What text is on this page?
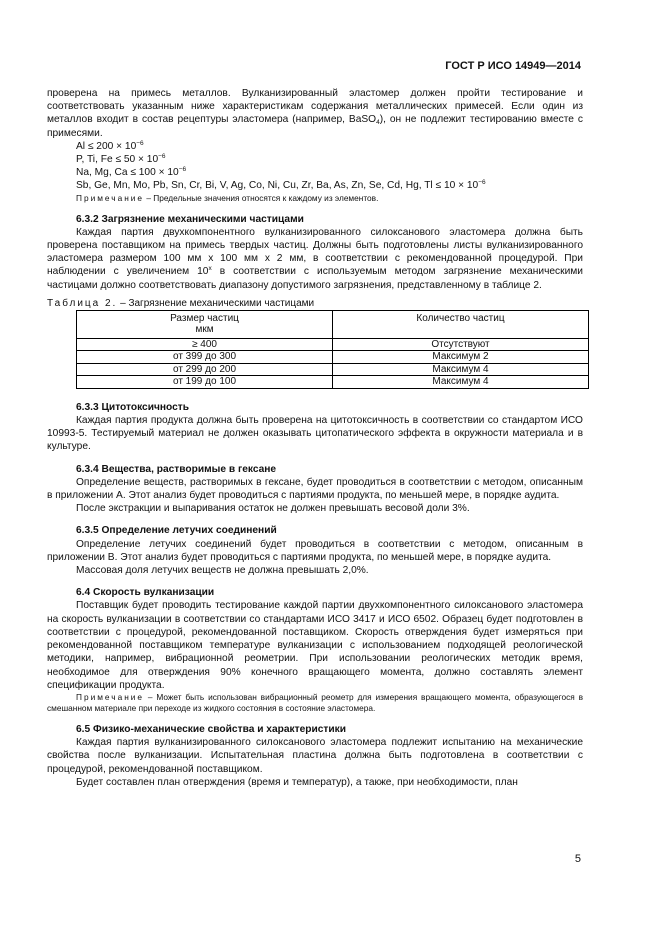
ГОСТ Р ИСО 14949—2014

проверена на примесь металлов. Вулканизированный эластомер должен пройти тестирование и соответствовать указанным ниже характеристикам содержания металлических примесей. Если один из металлов входит в состав рецептуры эластомера (например, BaSO$_4$), он не подлежит тестированию вместе с примесями.

$Al \le 200 \times 10^{-6}$

P, Ti, $Fe \le 50 \times 10^{-6}$

Na, Mg, $Ca \le 100 \times 10^{-6}$

Sb, Ge, Mn, Mo, Pb, Sn, Cr, Bi, V, Ag, Co, Ni, Cu, Zr, Ba, As, Zn, Se, Cd, Hg, $Tl \le 10 \times 10^{-6}$

Примечание – Предельные значения относятся к каждому из элементов.

6.3.2 Загрязнение механическими частицами

Каждая партия двухкомпонентного вулканизированного силоксанового эластомера должна быть проверена поставщиком на примесь твердых частиц. Должны быть подготовлены листы вулканизированного эластомера размером 100 мм х 100 мм х 2 мм, в соответствии с рекомендованной процедурой. При наблюдении с увеличением $10^х$ в соответствии с используемым методом загрязнение механическими частицами должно соответствовать диапазону допустимого загрязнения, представленному в таблице 2.

Таблица 2. – Загрязнение механическими частицами
Размер частиц
мкм	Количество частиц
≥ 400	Отсутствуют
от 399 до 300	Максимум 2
от 299 до 200	Максимум 4
от 199 до 100	Максимум 4
6.3.3 Цитотоксичность

Каждая партия продукта должна быть проверена на цитотоксичность в соответствии со стандартом ИСО 10993-5. Тестируемый материал не должен оказывать цитопатического эффекта в окружности материала и в культуре.

6.3.4 Вещества, растворимые в гексане

Определение веществ, растворимых в гексане, будет проводиться в соответствии с методом, описанным в приложении А. Этот анализ будет проводиться с партиями продукта, по меньшей мере, в порядке аудита.

После экстракции и выпаривания остаток не должен превышать весовой доли 3%.

6.3.5 Определение летучих соединений

Определение летучих соединений будет проводиться в соответствии с методом, описанным в приложении В. Этот анализ будет проводиться с партиями продукта, по меньшей мере, в порядке аудита.

Массовая доля летучих веществ не должна превышать 2,0%.

6.4 Скорость вулканизации

Поставщик будет проводить тестирование каждой партии двухкомпонентного силоксанового эластомера на скорость вулканизации в соответствии со стандартами ИСО 3417 и ИСО 6502. Образец будет подготовлен в соответствии с процедурой, рекомендованной поставщиком. Скорость отверждения будет измеряться при рекомендованной поставщиком температуре вулканизации с использованием подходящей реологической методики, например, вибрационной реометрии. При использовании реологических методик время, необходимое для отверждения 90% конечного вращающего момента, должно составлять элемент спецификации продукта.

Примечание – Может быть использован вибрационный реометр для измерения вращающего момента, образующегося в смешанном материале при переходе из жидкого состояния в состояние эластомера.

6.5 Физико-механические свойства и характеристики

Каждая партия вулканизированного силоксанового эластомера подлежит испытанию на механические свойства после вулканизации. Испытательная пластина должна быть подготовлена в соответствии с процедурой, рекомендованной поставщиком.

Будет составлен план отверждения (время и температур), а также, при необходимости, план

5
